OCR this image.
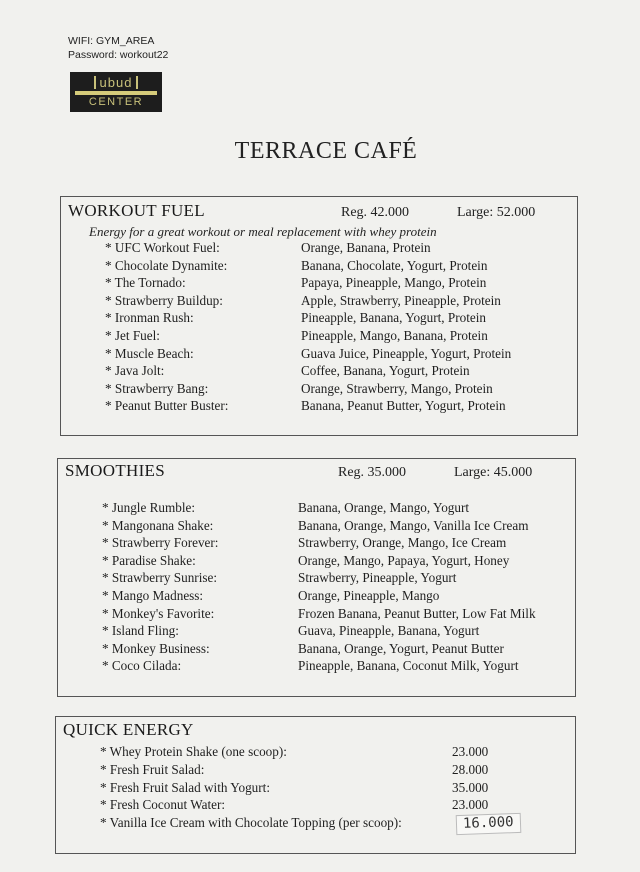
WIFI: GYM_AREA
Password: workout22
ubud
CENTER
TERRACE CAFÉ
WORKOUT FUEL	Reg. 42.000	Large: 52.000
Energy for a great workout or meal replacement with whey protein
* UFC Workout Fuel:	Orange, Banana, Protein
* Chocolate Dynamite:	Banana, Chocolate, Yogurt, Protein
* The Tornado:	Papaya, Pineapple, Mango, Protein
* Strawberry Buildup:	Apple, Strawberry, Pineapple, Protein
* Ironman Rush:	Pineapple, Banana, Yogurt, Protein
* Jet Fuel:	Pineapple, Mango, Banana, Protein
* Muscle Beach:	Guava Juice, Pineapple, Yogurt, Protein
* Java Jolt:	Coffee, Banana, Yogurt, Protein
* Strawberry Bang:	Orange, Strawberry, Mango, Protein
* Peanut Butter Buster:	Banana, Peanut Butter, Yogurt, Protein
SMOOTHIES	Reg. 35.000	Large: 45.000
* Jungle Rumble:	Banana, Orange, Mango, Yogurt
* Mangonana Shake:	Banana, Orange, Mango, Vanilla Ice Cream
* Strawberry Forever:	Strawberry, Orange, Mango, Ice Cream
* Paradise Shake:	Orange, Mango, Papaya, Yogurt, Honey
* Strawberry Sunrise:	Strawberry, Pineapple, Yogurt
* Mango Madness:	Orange, Pineapple, Mango
* Monkey's Favorite:	Frozen Banana, Peanut Butter, Low Fat Milk
* Island Fling:	Guava, Pineapple, Banana, Yogurt
* Monkey Business:	Banana, Orange, Yogurt, Peanut Butter
* Coco Cilada:	Pineapple, Banana, Coconut Milk, Yogurt
QUICK ENERGY
* Whey Protein Shake (one scoop):	23.000
* Fresh Fruit Salad:	28.000
* Fresh Fruit Salad with Yogurt:	35.000
* Fresh Coconut Water:	23.000
* Vanilla Ice Cream with Chocolate Topping (per scoop):	16.000
